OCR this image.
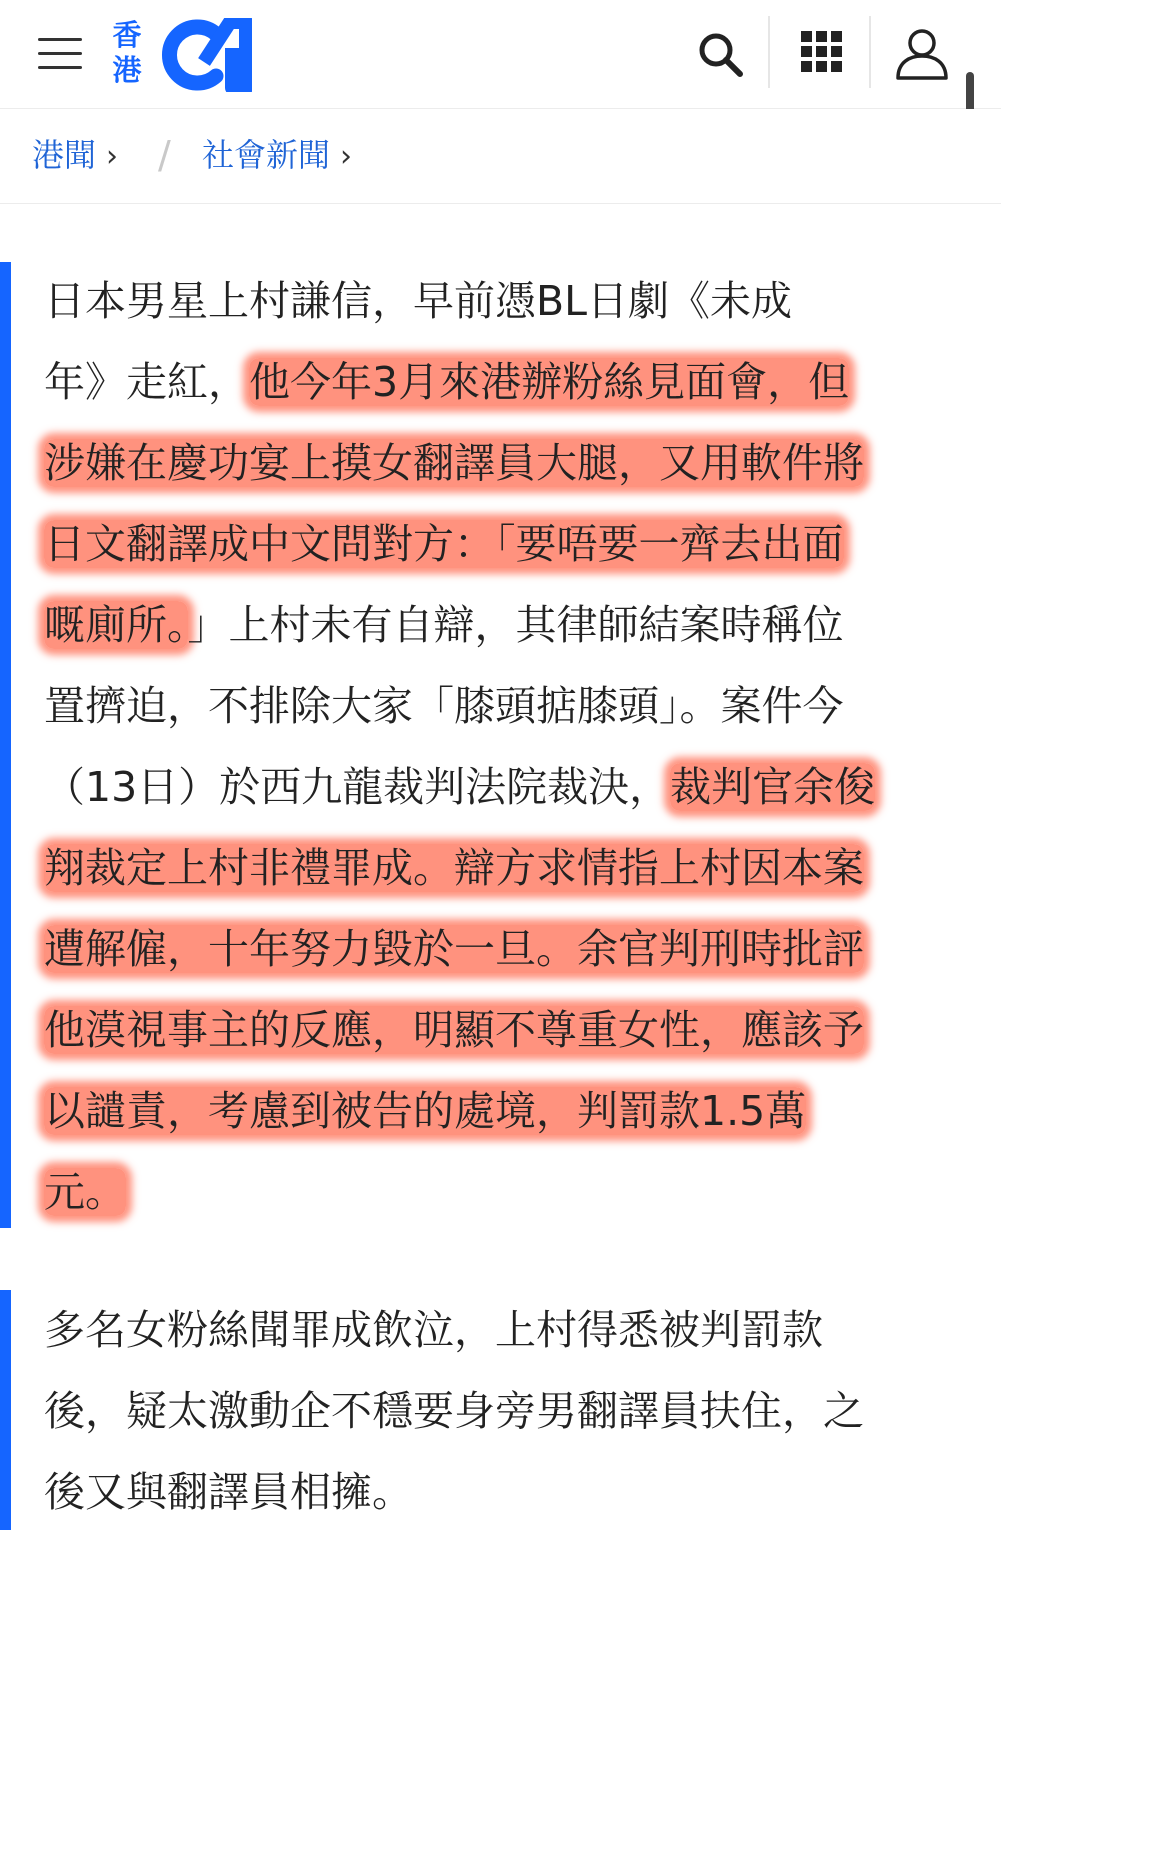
香
港
港聞 › / 社會新聞 ›
日本男星上村謙信，早前憑BL日劇《未成
年》走紅，他今年3月來港辦粉絲見面會，但
涉嫌在慶功宴上摸女翻譯員大腿，又用軟件將
日文翻譯成中文問對方：「要唔要一齊去出面
嘅廁所。」上村未有自辯，其律師結案時稱位
置擠迫，不排除大家「膝頭掂膝頭」。案件今
（13日）於西九龍裁判法院裁決，裁判官余俊
翔裁定上村非禮罪成。辯方求情指上村因本案
遭解僱，十年努力毀於一旦。余官判刑時批評
他漠視事主的反應，明顯不尊重女性，應該予
以譴責，考慮到被告的處境，判罰款1.5萬
元。
多名女粉絲聞罪成飲泣，上村得悉被判罰款
後，疑太激動企不穩要身旁男翻譯員扶住，之
後又與翻譯員相擁。
